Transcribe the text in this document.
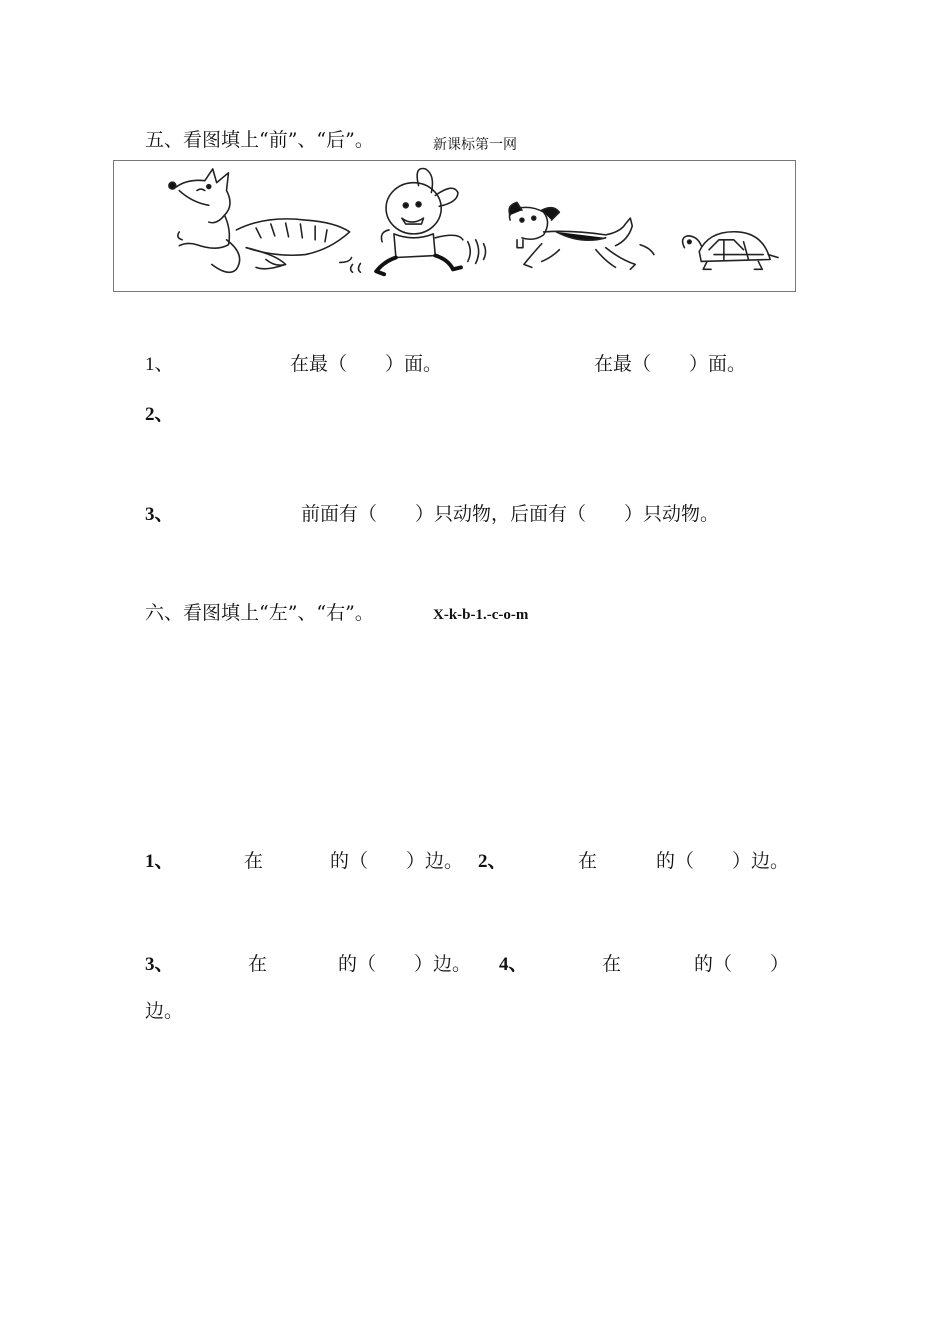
五、看图填上“前”、“后”。	新课标第一网
1、	在最（　　）面。	在最（　　）面。
2、
3、	前面有（　　）只动物，后面有（　　）只动物。
六、看图填上“左”、“右”。	X-k-b-1.-c-o-m
1、	在	的（　　）边。 2、	在	的（　　）边。
3、	在	的（　　）边。 4、	在	的（　　）
边。
